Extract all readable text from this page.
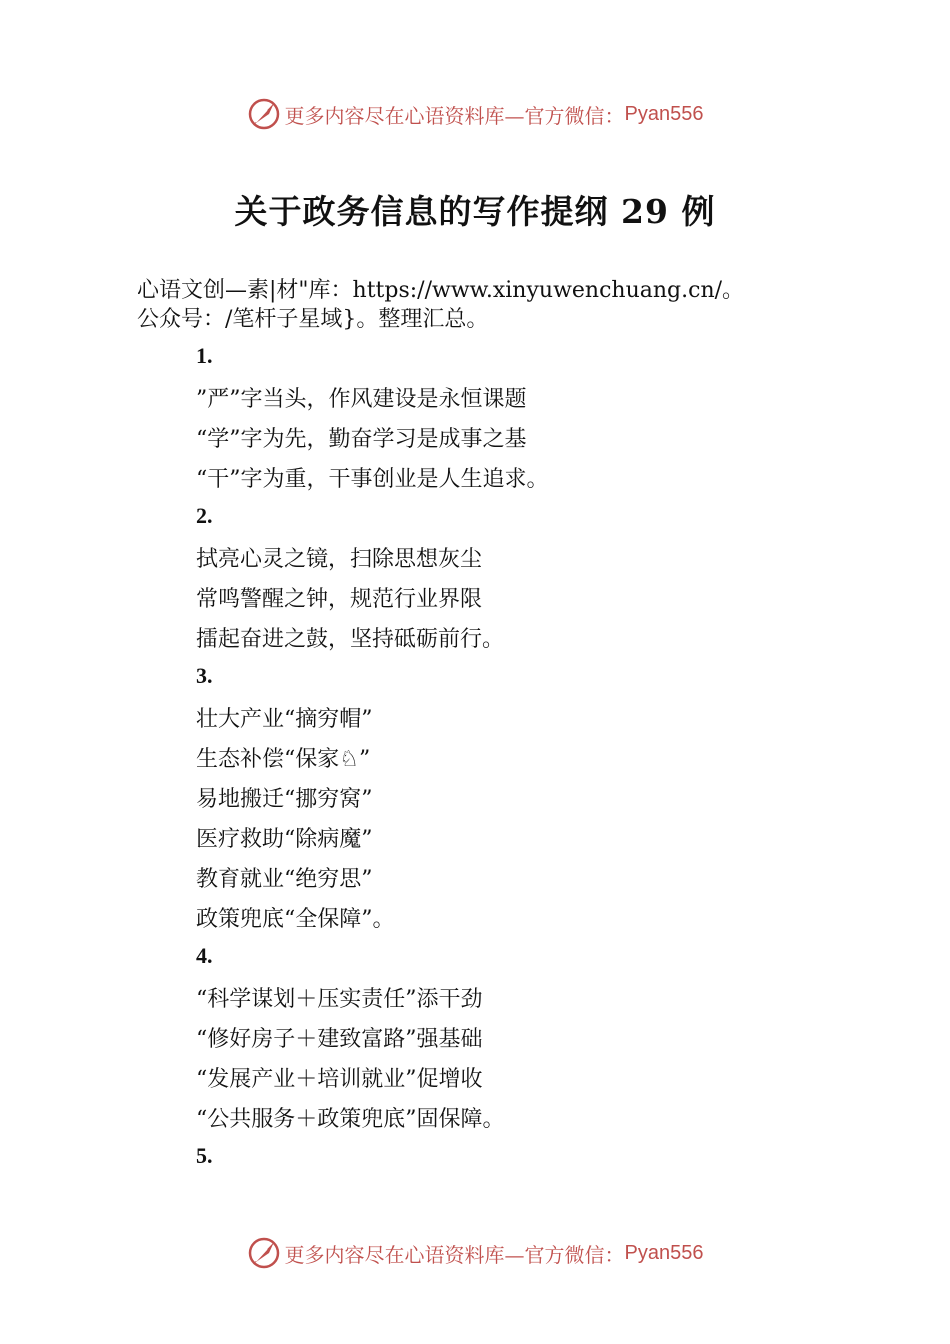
更多内容尽在心语资料库—官方微信： Pyan556
关于政务信息的写作提纲 29 例
心语文创—素|材"库：https://www.xinyuwenchuang.cn/。
公众号：/笔杆子星域}。整理汇总。
1.
”严”字当头，作风建设是永恒课题
“学”字为先，勤奋学习是成事之基
“干”字为重，干事创业是人生追求。
2.
拭亮心灵之镜，扫除思想灰尘
常鸣警醒之钟，规范行业界限
擂起奋进之鼓，坚持砥砺前行。
3.
壮大产业“摘穷帽”
生态补偿“保家♘”
易地搬迁“挪穷窝”
医疗救助“除病魔”
教育就业“绝穷思”
政策兜底“全保障”。
4.
“科学谋划＋压实责任”添干劲
“修好房子＋建致富路”强基础
“发展产业＋培训就业”促增收
“公共服务＋政策兜底”固保障。
5.
更多内容尽在心语资料库—官方微信： Pyan556
